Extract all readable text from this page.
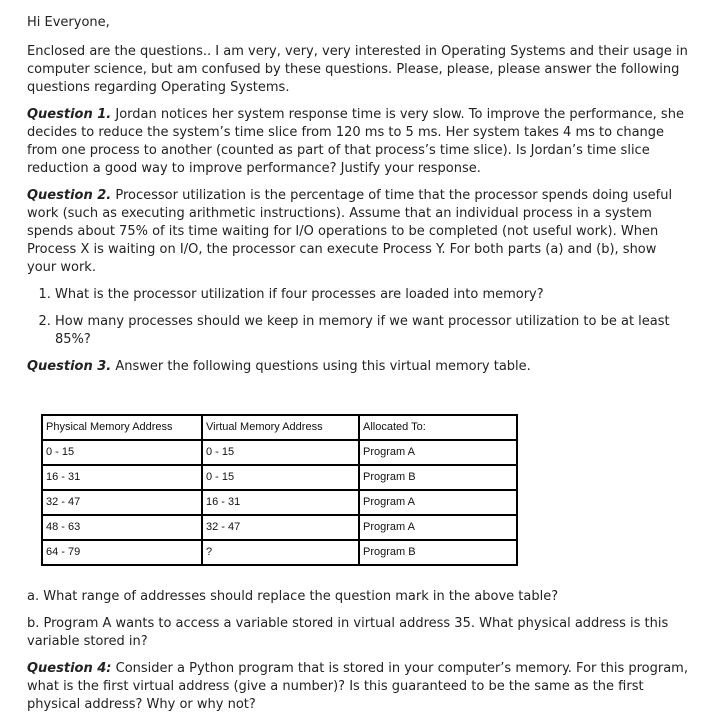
Hi Everyone,

Enclosed are the questions.. I am very, very, very interested in Operating Systems and their usage in computer science, but am confused by these questions. Please, please, please answer the following questions regarding Operating Systems.

Question 1. Jordan notices her system response time is very slow. To improve the performance, she decides to reduce the system’s time slice from 120 ms to 5 ms. Her system takes 4 ms to change from one process to another (counted as part of that process’s time slice). Is Jordan’s time slice reduction a good way to improve performance? Justify your response.

Question 2. Processor utilization is the percentage of time that the processor spends doing useful work (such as executing arithmetic instructions). Assume that an individual process in a system spends about 75% of its time waiting for I/O operations to be completed (not useful work). When Process X is waiting on I/O, the processor can execute Process Y. For both parts (a) and (b), show your work.

1. What is the processor utilization if four processes are loaded into memory?
2. How many processes should we keep in memory if we want processor utilization to be at least 85%?

Question 3. Answer the following questions using this virtual memory table.

Physical Memory Address	Virtual Memory Address	Allocated To:
0 - 15	0 - 15	Program A
16 - 31	0 - 15	Program B
32 - 47	16 - 31	Program A
48 - 63	32 - 47	Program A
64 - 79	?	Program B

a. What range of addresses should replace the question mark in the above table?

b. Program A wants to access a variable stored in virtual address 35. What physical address is this variable stored in?

Question 4: Consider a Python program that is stored in your computer’s memory. For this program, what is the first virtual address (give a number)? Is this guaranteed to be the same as the first physical address? Why or why not?
